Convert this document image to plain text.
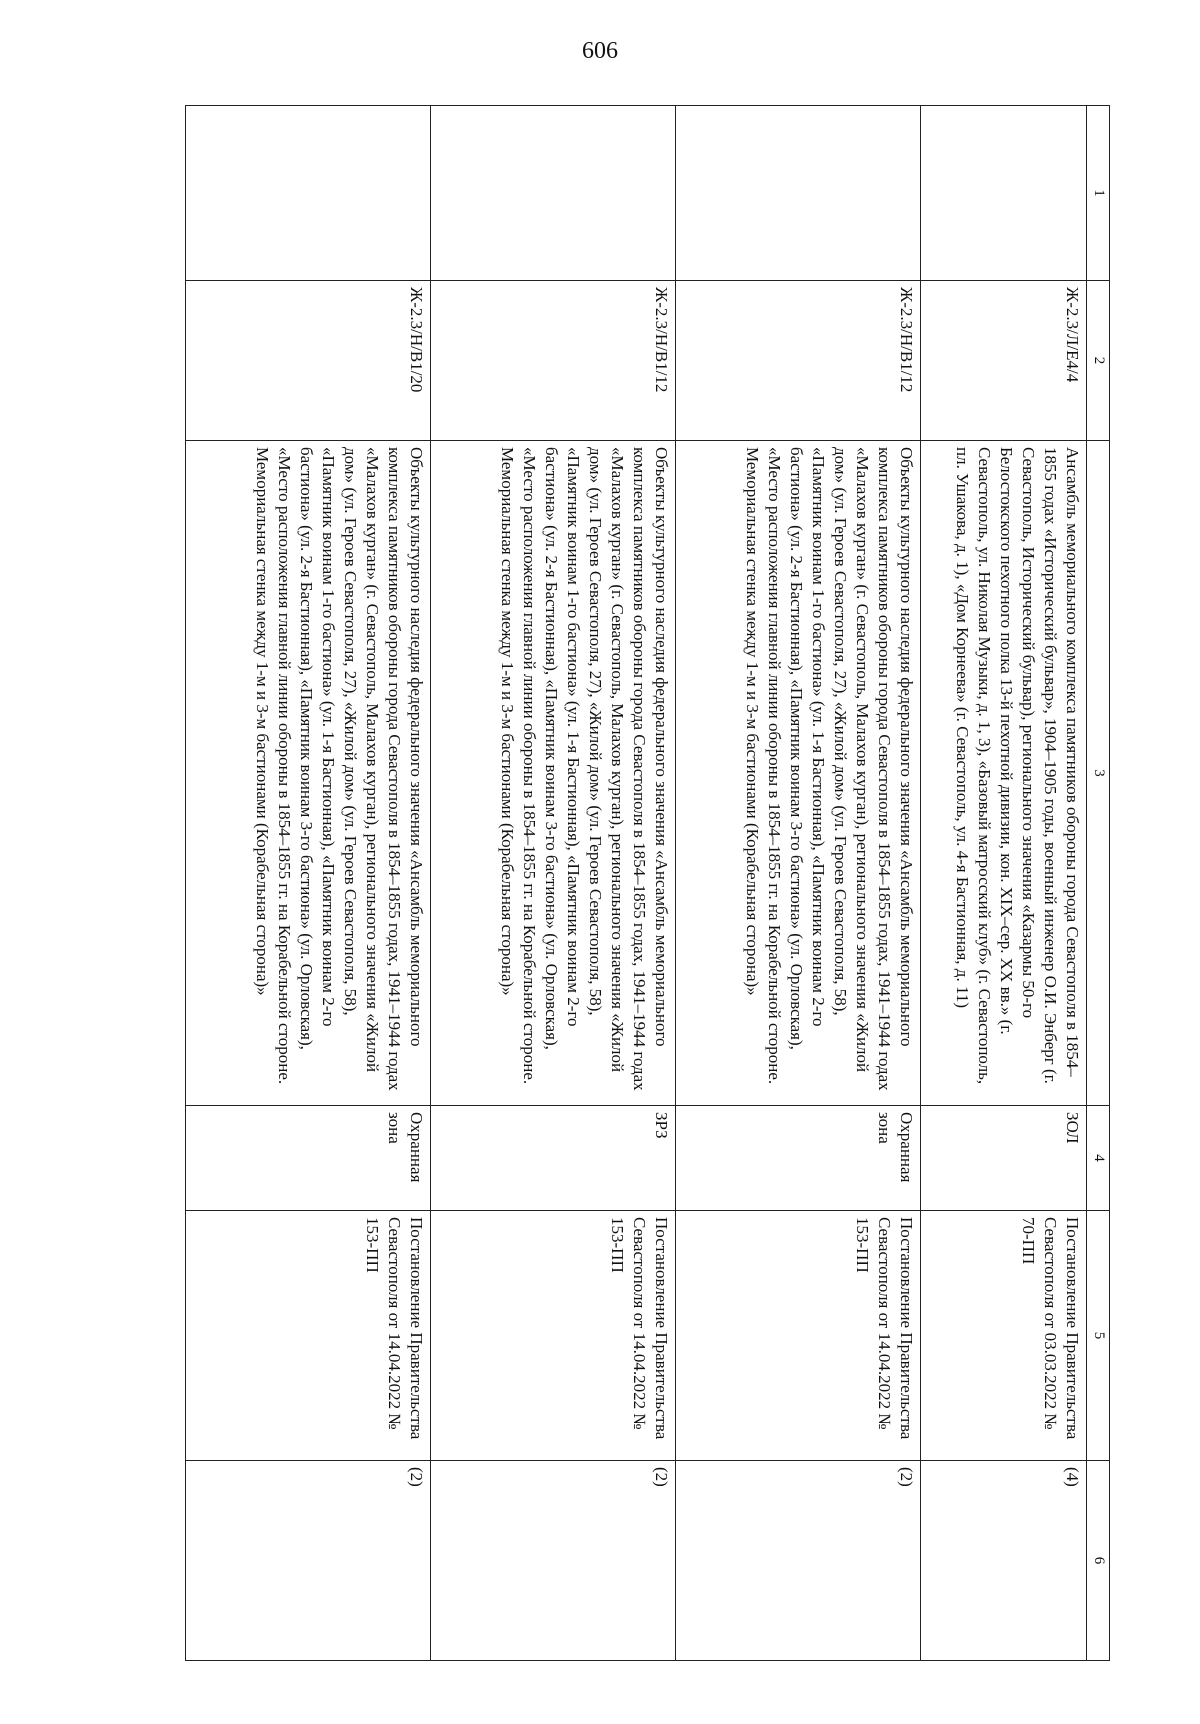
606
1	2	3	4	5	6
	Ж-2.3/Л/Е4/4	Ансамбль мемориального комплекса памятников обороны города Севастополя в 1854–1855 годах «Исторический бульвар», 1904–1905 годы, военный инженер О.И. Энберг (г. Севастополь, Исторический бульвар), регионального значения «Казармы 50-го Белостокского пехотного полка 13-й пехотной дивизии, кон. XIX–сер. XX вв.» (г. Севастополь, ул. Николая Музыки, д. 1, 3), «Базовый матросский клуб» (г. Севастополь, пл. Ушакова, д. 1), «Дом Корнеева» (г. Севастополь, ул. 4-я Бастионная, д. 11)	ЗОЛ	Постановление Правительства Севастополя от 03.03.2022 № 70-ПП	(4)
	Ж-2.3/Н/В1/12	Объекты культурного наследия федерального значения «Ансамбль мемориального комплекса памятников обороны города Севастополя в 1854–1855 годах, 1941–1944 годах «Малахов курган» (г. Севастополь, Малахов курган), регионального значения «Жилой дом» (ул. Героев Севастополя, 27), «Жилой дом» (ул. Героев Севастополя, 58), «Памятник воинам 1-го бастиона» (ул. 1-я Бастионная), «Памятник воинам 2-го бастиона» (ул. 2-я Бастионная), «Памятник воинам 3-го бастиона» (ул. Орловская), «Место расположения главной линии обороны в 1854–1855 гг. на Корабельной стороне. Мемориальная стенка между 1-м и 3-м бастионами (Корабельная сторона)»	Охранная зона	Постановление Правительства Севастополя от 14.04.2022 № 153-ПП	(2)
	Ж-2.3/Н/В1/12	Объекты культурного наследия федерального значения «Ансамбль мемориального комплекса памятников обороны города Севастополя в 1854–1855 годах, 1941–1944 годах «Малахов курган» (г. Севастополь, Малахов курган), регионального значения «Жилой дом» (ул. Героев Севастополя, 27), «Жилой дом» (ул. Героев Севастополя, 58), «Памятник воинам 1-го бастиона» (ул. 1-я Бастионная), «Памятник воинам 2-го бастиона» (ул. 2-я Бастионная), «Памятник воинам 3-го бастиона» (ул. Орловская), «Место расположения главной линии обороны в 1854–1855 гг. на Корабельной стороне. Мемориальная стенка между 1-м и 3-м бастионами (Корабельная сторона)»	ЗРЗ	Постановление Правительства Севастополя от 14.04.2022 № 153-ПП	(2)
	Ж-2.3/Н/В1/20	Объекты культурного наследия федерального значения «Ансамбль мемориального комплекса памятников обороны города Севастополя в 1854–1855 годах, 1941–1944 годах «Малахов курган» (г. Севастополь, Малахов курган), регионального значения «Жилой дом» (ул. Героев Севастополя, 27), «Жилой дом» (ул. Героев Севастополя, 58), «Памятник воинам 1-го бастиона» (ул. 1-я Бастионная), «Памятник воинам 2-го бастиона» (ул. 2-я Бастионная), «Памятник воинам 3-го бастиона» (ул. Орловская), «Место расположения главной линии обороны в 1854–1855 гг. на Корабельной стороне. Мемориальная стенка между 1-м и 3-м бастионами (Корабельная сторона)»	Охранная зона	Постановление Правительства Севастополя от 14.04.2022 № 153-ПП	(2)
